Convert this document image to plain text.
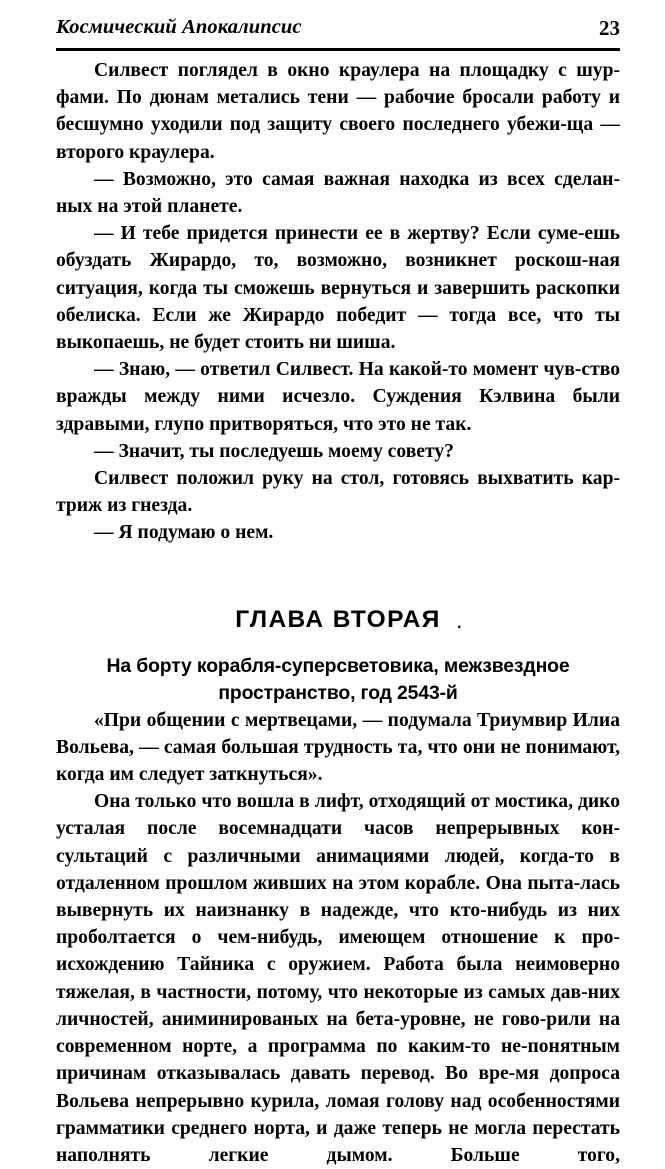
Космический Апокалипсис	23

Силвест поглядел в окно краулера на площадку с шур-фами. По дюнам метались тени — рабочие бросали работу и бесшумно уходили под защиту своего последнего убежи-ща — второго краулера.

— Возможно, это самая важная находка из всех сделан-ных на этой планете.

— И тебе придется принести ее в жертву? Если суме-ешь обуздать Жирардо, то, возможно, возникнет роскош-ная ситуация, когда ты сможешь вернуться и завершить раскопки обелиска. Если же Жирардо победит — тогда все, что ты выкопаешь, не будет стоить ни шиша.

— Знаю, — ответил Силвест. На какой-то момент чув-ство вражды между ними исчезло. Суждения Кэлвина были здравыми, глупо притворяться, что это не так.

— Значит, ты последуешь моему совету?

Силвест положил руку на стол, готовясь выхватить кар-триж из гнезда.

— Я подумаю о нем.

ГЛАВА ВТОРАЯ .
На борту корабля-суперсветовика, межзвездное пространство, год 2543-й

«При общении с мертвецами, — подумала Триумвир Илиа Вольева, — самая большая трудность та, что они не понимают, когда им следует заткнуться».

Она только что вошла в лифт, отходящий от мостика, дико усталая после восемнадцати часов непрерывных кон-сультаций с различными анимациями людей, когда-то в отдаленном прошлом живших на этом корабле. Она пыта-лась вывернуть их наизнанку в надежде, что кто-нибудь из них проболтается о чем-нибудь, имеющем отношение к про-исхождению Тайника с оружием. Работа была неимоверно тяжелая, в частности, потому, что некоторые из самых дав-них личностей, аниминированых на бета-уровне, не гово-рили на современном норте, а программа по каким-то не-понятным причинам отказывалась давать перевод. Во вре-мя допроса Вольева непрерывно курила, ломая голову над особенностями грамматики среднего норта, и даже теперь не могла перестать наполнять легкие дымом. Больше того,
